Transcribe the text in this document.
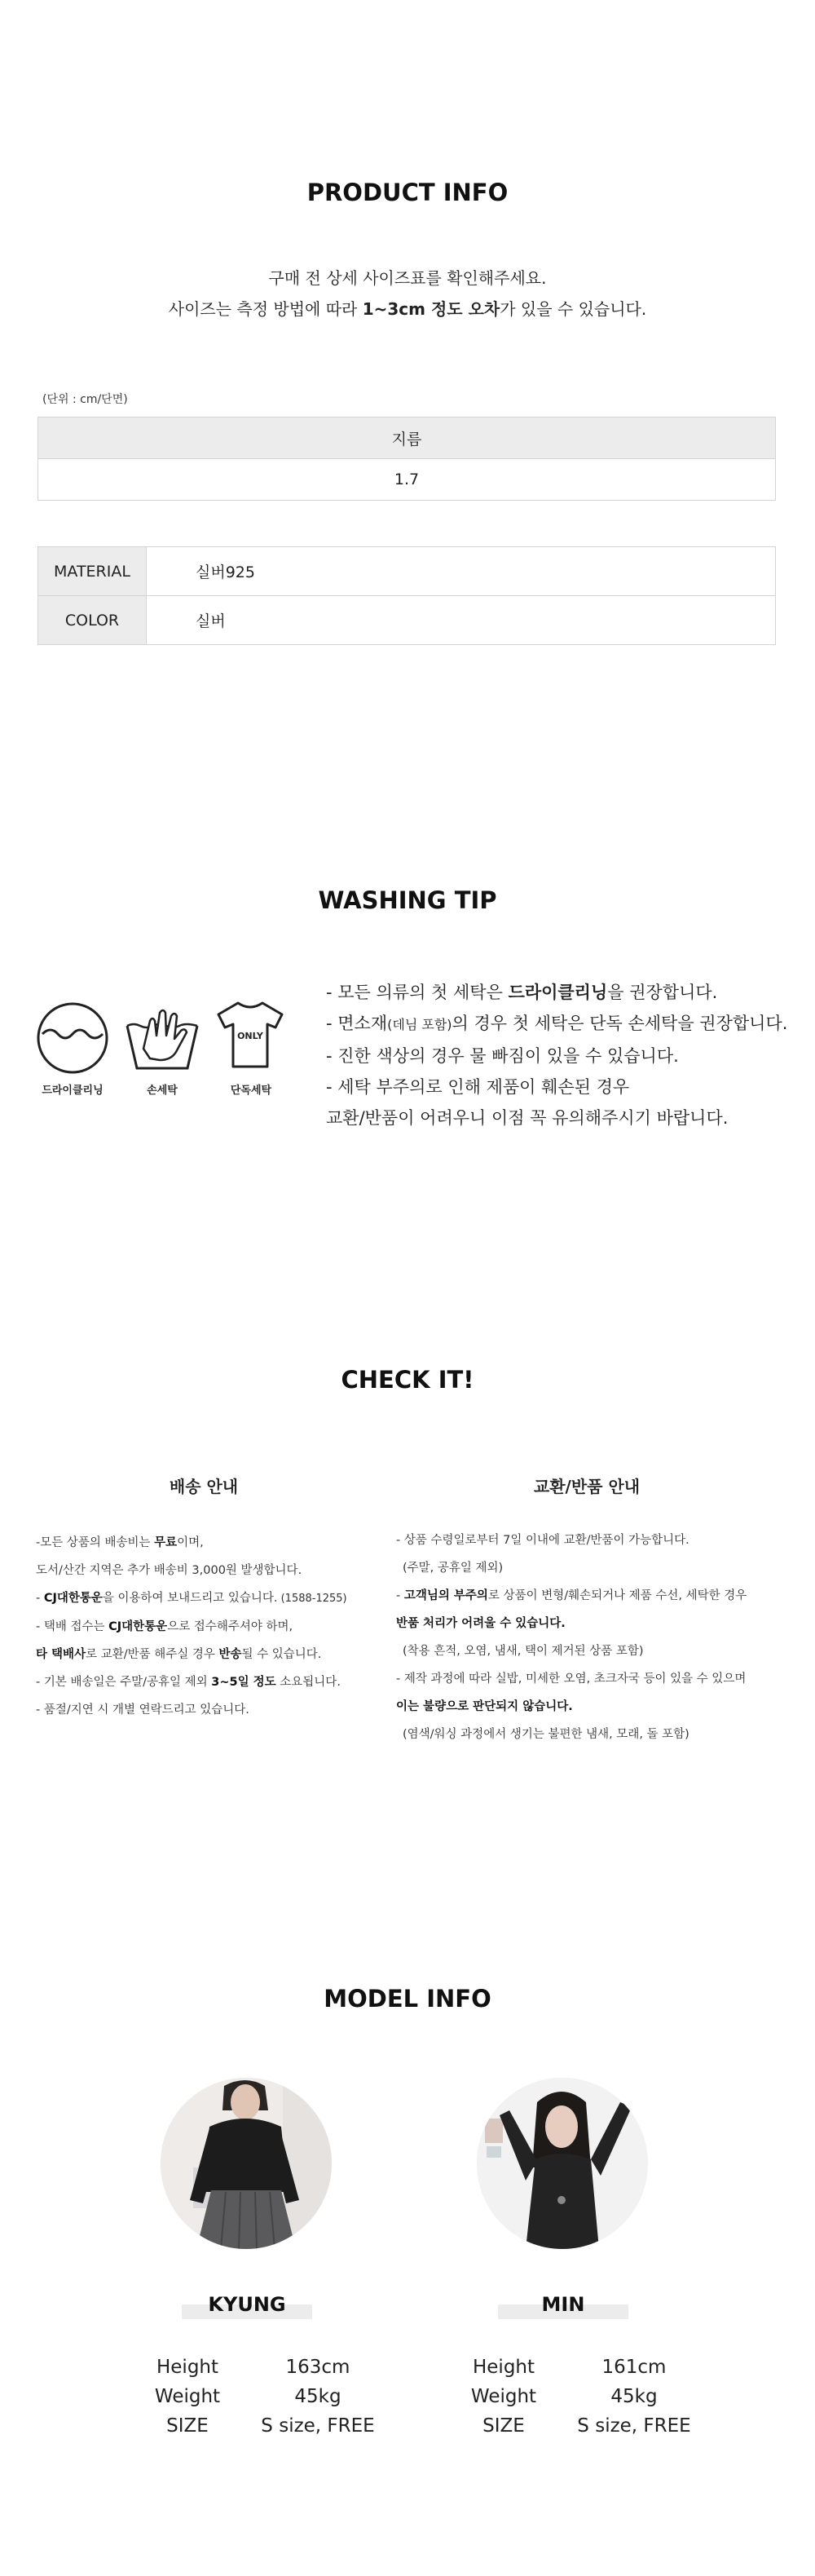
PRODUCT INFO
구매 전 상세 사이즈표를 확인해주세요.
사이즈는 측정 방법에 따라 1~3cm 정도 오차가 있을 수 있습니다.
(단위 : cm/단면)
지름
1.7
MATERIAL	실버925
COLOR	실버
WASHING TIP
드라이클리닝	손세탁
ONLY
단독세탁
- 모든 의류의 첫 세탁은 드라이클리닝을 권장합니다.
- 면소재(데님 포함)의 경우 첫 세탁은 단독 손세탁을 권장합니다.
- 진한 색상의 경우 물 빠짐이 있을 수 있습니다.
- 세탁 부주의로 인해 제품이 훼손된 경우
교환/반품이 어려우니 이점 꼭 유의해주시기 바랍니다.
CHECK IT!
배송 안내	교환/반품 안내
-모든 상품의 배송비는 무료이며,
도서/산간 지역은 추가 배송비 3,000원 발생합니다.
- CJ대한통운을 이용하여 보내드리고 있습니다. (1588-1255)
- 택배 접수는 CJ대한통운으로 접수해주셔야 하며,
타 택배사로 교환/반품 해주실 경우 반송될 수 있습니다.
- 기본 배송일은 주말/공휴일 제외 3~5일 정도 소요됩니다.
- 품절/지연 시 개별 연락드리고 있습니다.
- 상품 수령일로부터 7일 이내에 교환/반품이 가능합니다.
(주말, 공휴일 제외)
- 고객님의 부주의로 상품이 변형/훼손되거나 제품 수선, 세탁한 경우
반품 처리가 어려울 수 있습니다.
(착용 흔적, 오염, 냄새, 택이 제거된 상품 포함)
- 제작 과정에 따라 실밥, 미세한 오염, 초크자국 등이 있을 수 있으며
이는 불량으로 판단되지 않습니다.
(염색/워싱 과정에서 생기는 불편한 냄새, 모래, 돌 포함)
MODEL INFO
KYUNG
Height	163cm
Weight	45kg
SIZE	S size, FREE
MIN
Height	161cm
Weight	45kg
SIZE	S size, FREE
